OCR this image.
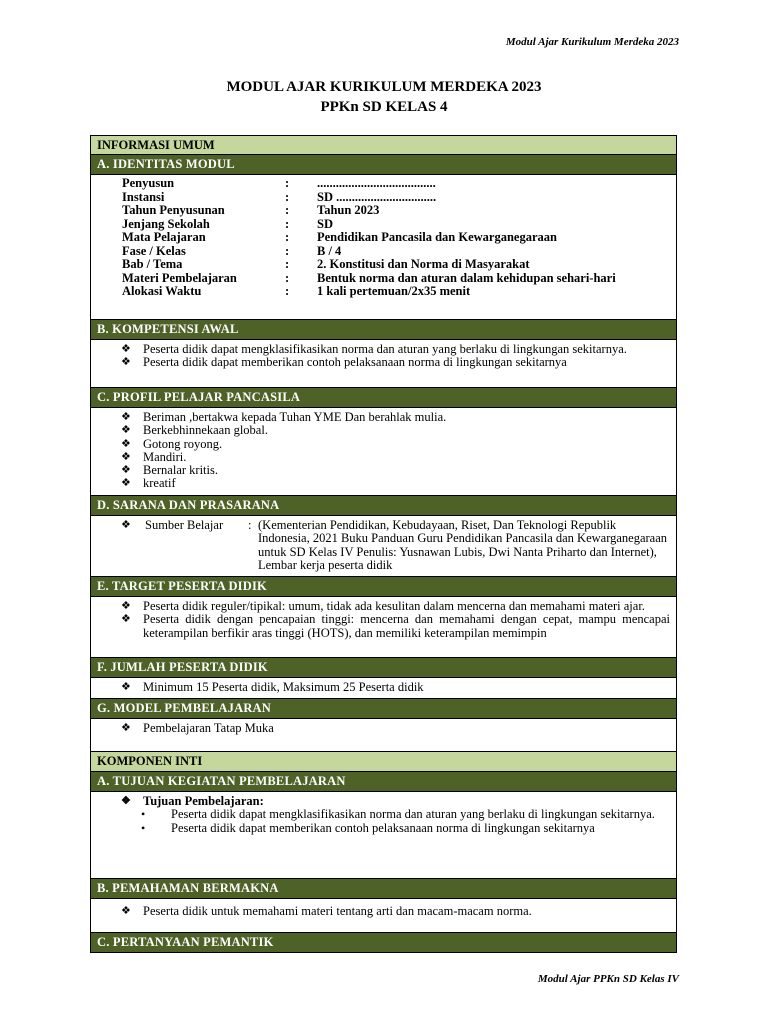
Modul Ajar Kurikulum Merdeka 2023
MODUL AJAR KURIKULUM MERDEKA 2023
PPKn SD KELAS 4
INFORMASI UMUM
A. IDENTITAS MODUL
Penyusun	:	......................................
Instansi	:	SD ................................
Tahun Penyusunan	:	Tahun 2023
Jenjang Sekolah	:	SD
Mata Pelajaran	:	Pendidikan Pancasila dan Kewarganegaraan
Fase / Kelas	:	B / 4
Bab / Tema	:	2. Konstitusi dan Norma di Masyarakat
Materi Pembelajaran	:	Bentuk norma dan aturan dalam kehidupan sehari-hari
Alokasi Waktu	:	1 kali pertemuan/2x35 menit
B. KOMPETENSI AWAL
❖ Peserta didik dapat mengklasifikasikan norma dan aturan yang berlaku di lingkungan sekitarnya.
❖ Peserta didik dapat memberikan contoh pelaksanaan norma di lingkungan sekitarnya
C. PROFIL PELAJAR PANCASILA
❖ Beriman ,bertakwa kepada Tuhan YME Dan berahlak mulia.
❖ Berkebhinnekaan global.
❖ Gotong royong.
❖ Mandiri.
❖ Bernalar kritis.
❖ kreatif
D. SARANA DAN PRASARANA
❖	Sumber Belajar	: (Kementerian Pendidikan, Kebudayaan, Riset, Dan Teknologi Republik Indonesia, 2021 Buku Panduan Guru Pendidikan Pancasila dan Kewarganegaraan untuk SD Kelas IV Penulis: Yusnawan Lubis, Dwi Nanta Priharto dan Internet), Lembar kerja peserta didik
E. TARGET PESERTA DIDIK
❖ Peserta didik reguler/tipikal: umum, tidak ada kesulitan dalam mencerna dan memahami materi ajar.
❖ Peserta didik dengan pencapaian tinggi: mencerna dan memahami dengan cepat, mampu mencapai keterampilan berfikir aras tinggi (HOTS), dan memiliki keterampilan memimpin
F. JUMLAH PESERTA DIDIK
❖ Minimum 15 Peserta didik, Maksimum 25 Peserta didik
G. MODEL PEMBELAJARAN
❖ Pembelajaran Tatap Muka
KOMPONEN INTI
A. TUJUAN KEGIATAN PEMBELAJARAN
❖ Tujuan Pembelajaran:
• Peserta didik dapat mengklasifikasikan norma dan aturan yang berlaku di lingkungan sekitarnya.
• Peserta didik dapat memberikan contoh pelaksanaan norma di lingkungan sekitarnya
B. PEMAHAMAN BERMAKNA
❖ Peserta didik untuk memahami materi tentang arti dan macam-macam norma.
C. PERTANYAAN PEMANTIK
Modul Ajar PPKn SD Kelas IV
